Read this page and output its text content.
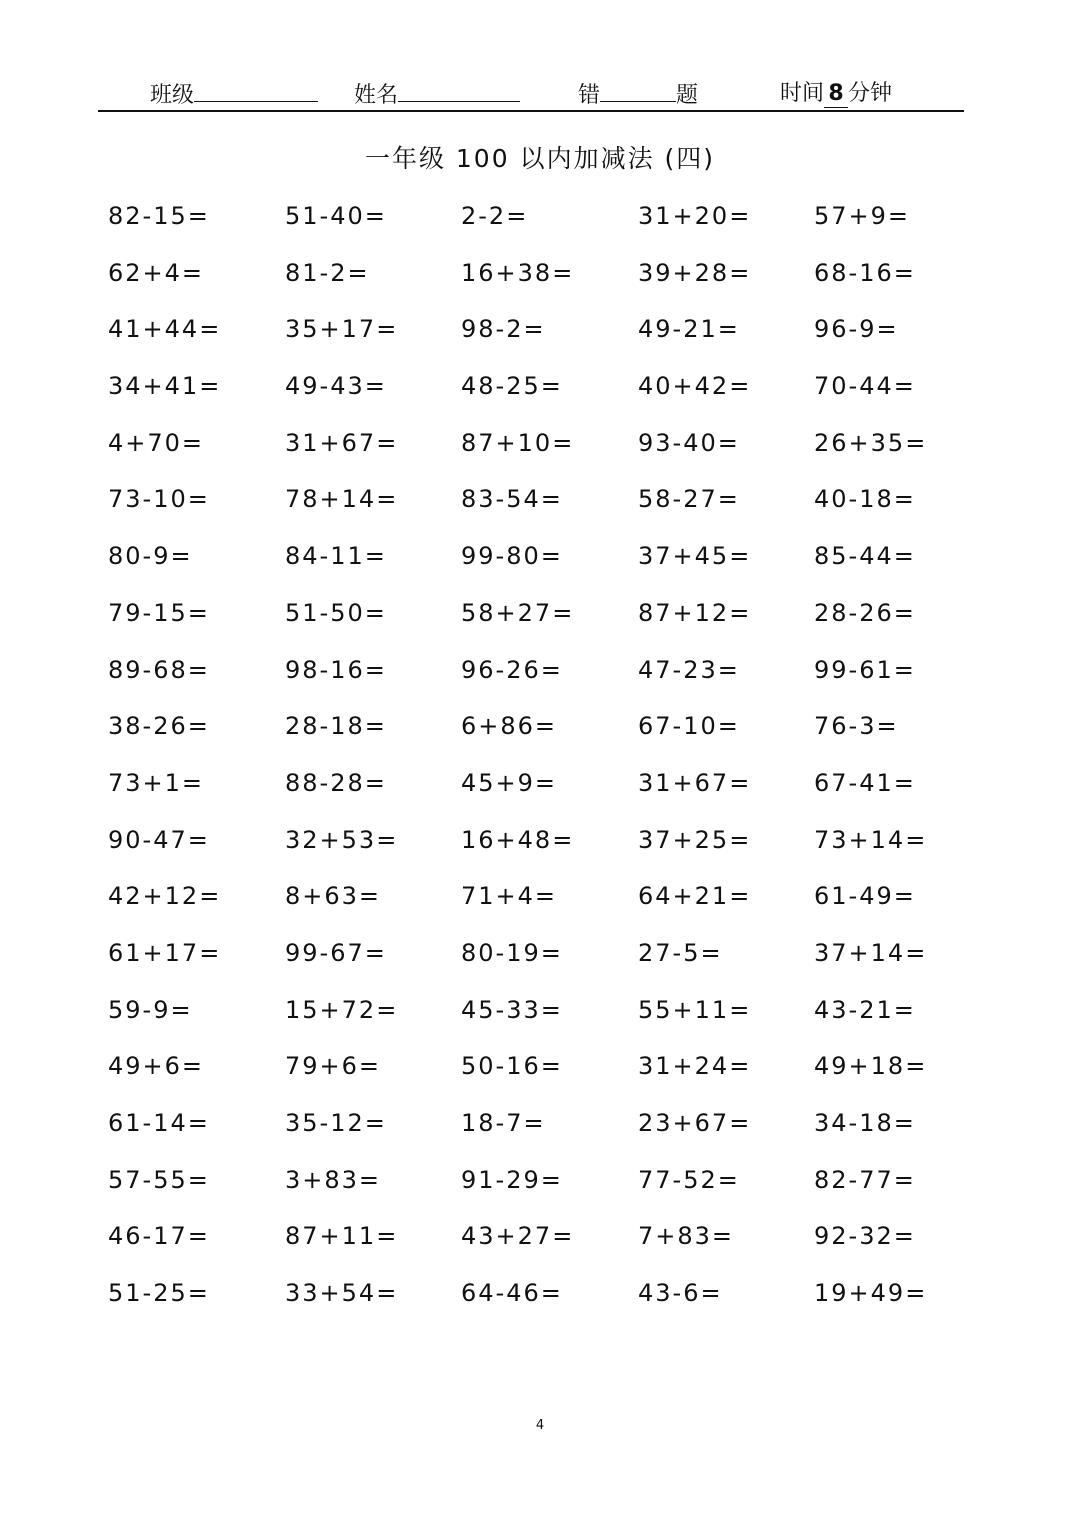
班级	姓名	错	题	时间 8 分钟
一年级 100 以内加减法 (四)
82-15=	51-40=	2-2=	31+20=	57+9=
62+4=	81-2=	16+38=	39+28=	68-16=
41+44=	35+17=	98-2=	49-21=	96-9=
34+41=	49-43=	48-25=	40+42=	70-44=
4+70=	31+67=	87+10=	93-40=	26+35=
73-10=	78+14=	83-54=	58-27=	40-18=
80-9=	84-11=	99-80=	37+45=	85-44=
79-15=	51-50=	58+27=	87+12=	28-26=
89-68=	98-16=	96-26=	47-23=	99-61=
38-26=	28-18=	6+86=	67-10=	76-3=
73+1=	88-28=	45+9=	31+67=	67-41=
90-47=	32+53=	16+48=	37+25=	73+14=
42+12=	8+63=	71+4=	64+21=	61-49=
61+17=	99-67=	80-19=	27-5=	37+14=
59-9=	15+72=	45-33=	55+11=	43-21=
49+6=	79+6=	50-16=	31+24=	49+18=
61-14=	35-12=	18-7=	23+67=	34-18=
57-55=	3+83=	91-29=	77-52=	82-77=
46-17=	87+11=	43+27=	7+83=	92-32=
51-25=	33+54=	64-46=	43-6=	19+49=
4
